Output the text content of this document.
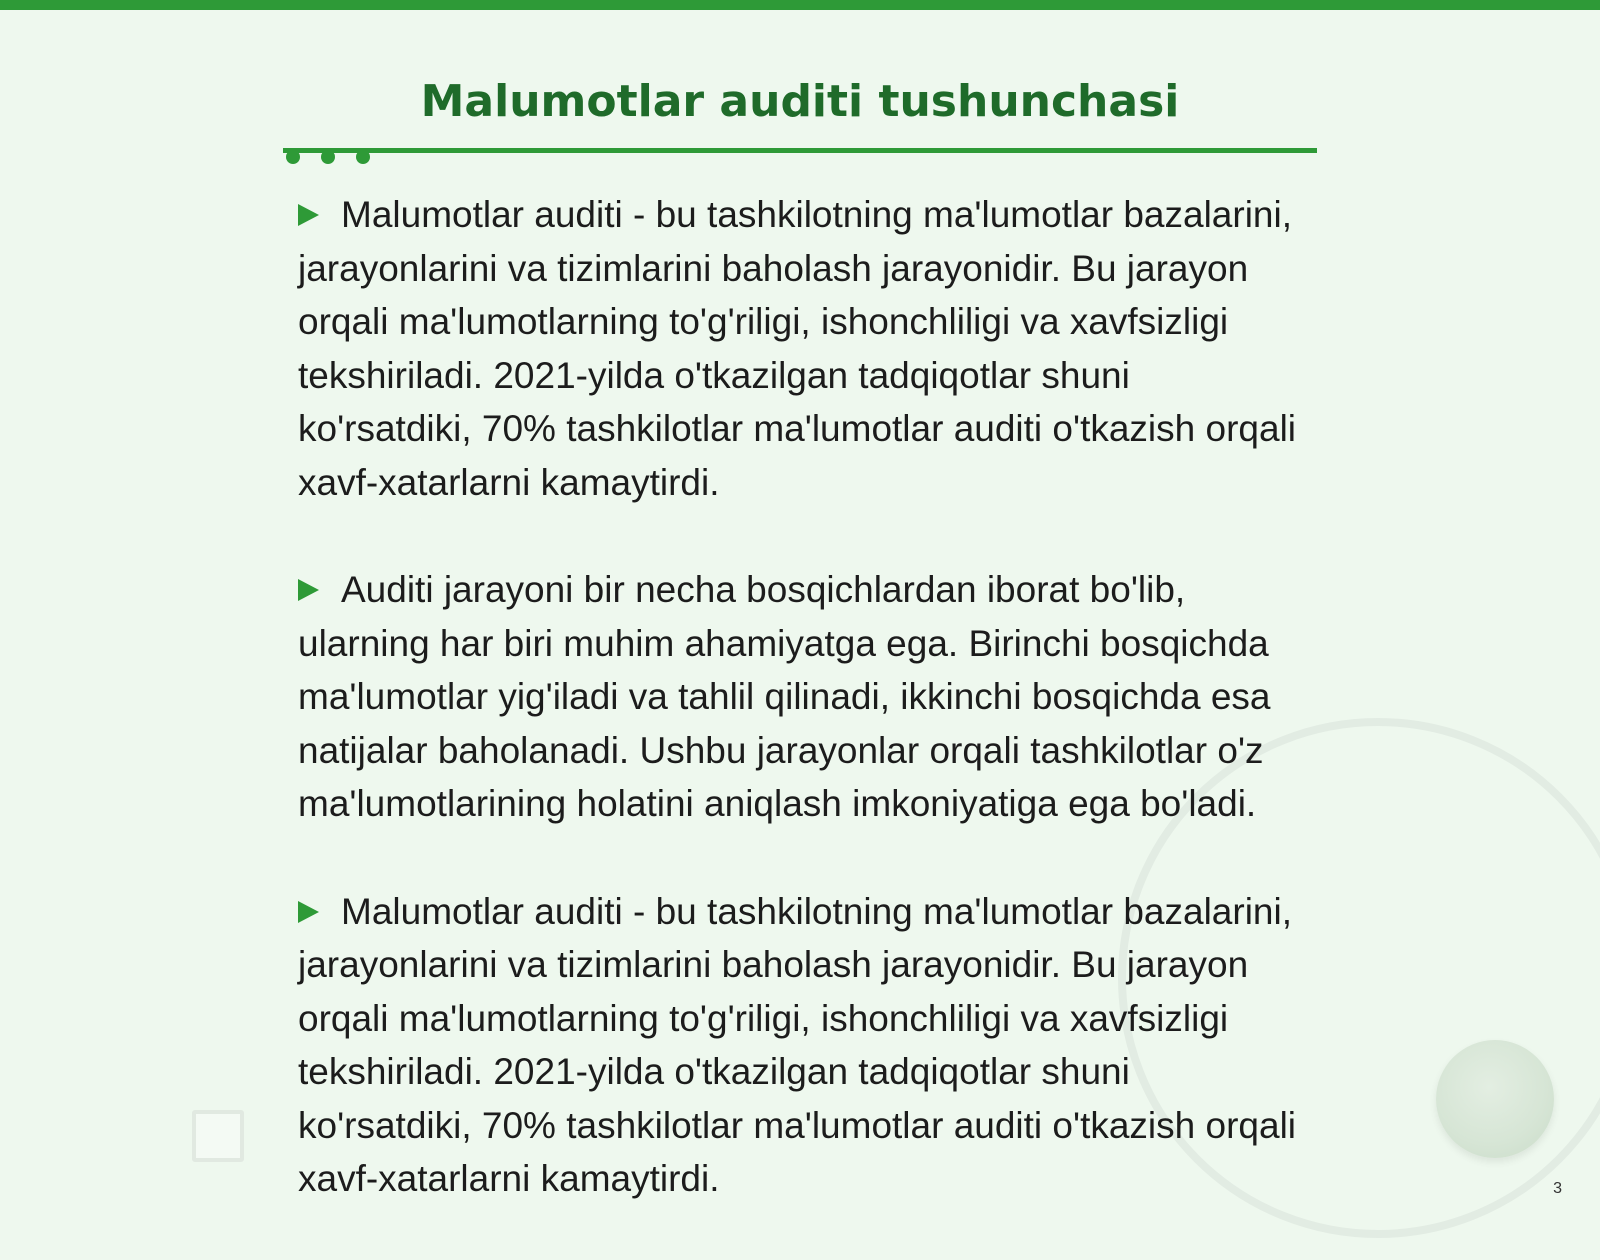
Malumotlar auditi tushunchasi

Malumotlar auditi - bu tashkilotning ma'lumotlar bazalarini, jarayonlarini va tizimlarini baholash jarayonidir. Bu jarayon orqali ma'lumotlarning to'g'riligi, ishonchliligi va xavfsizligi tekshiriladi. 2021-yilda o'tkazilgan tadqiqotlar shuni ko'rsatdiki, 70% tashkilotlar ma'lumotlar auditi o'tkazish orqali xavf-xatarlarni kamaytirdi.

Auditi jarayoni bir necha bosqichlardan iborat bo'lib, ularning har biri muhim ahamiyatga ega. Birinchi bosqichda ma'lumotlar yig'iladi va tahlil qilinadi, ikkinchi bosqichda esa natijalar baholanadi. Ushbu jarayonlar orqali tashkilotlar o'z ma'lumotlarining holatini aniqlash imkoniyatiga ega bo'ladi.

Malumotlar auditi - bu tashkilotning ma'lumotlar bazalarini, jarayonlarini va tizimlarini baholash jarayonidir. Bu jarayon orqali ma'lumotlarning to'g'riligi, ishonchliligi va xavfsizligi tekshiriladi. 2021-yilda o'tkazilgan tadqiqotlar shuni ko'rsatdiki, 70% tashkilotlar ma'lumotlar auditi o'tkazish orqali xavf-xatarlarni kamaytirdi.	3
